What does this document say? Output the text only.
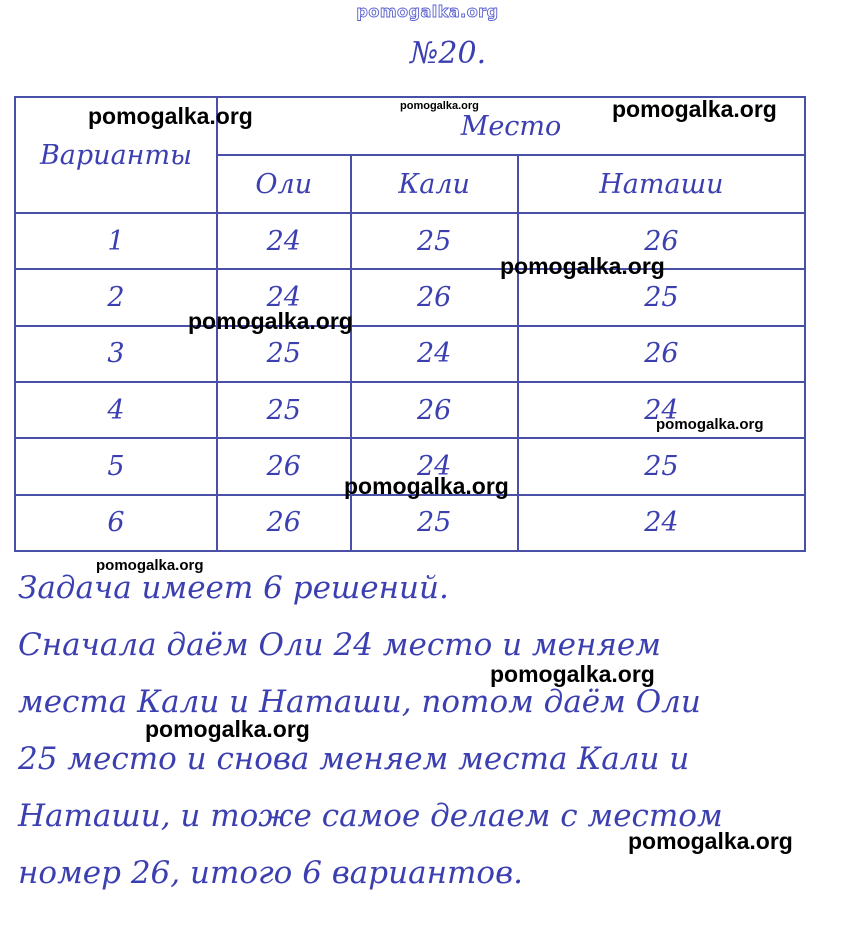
pomogalka.org
№20.
Варианты	Место		
	Оли	Кали	Наташи
1	24	25	26
2	24	26	25
3	25	24	26
4	25	26	24
5	26	24	25
6	26	25	24
Задача имеет 6 решений.
Сначала даём Оли 24 место и меняем
места Кали и Наташи, потом даём Оли
25 место и снова меняем места Кали и
Наташи, и тоже самое делаем с местом
номер 26, итого 6 вариантов.
pomogalka.org	pomogalka.org	pomogalka.org
pomogalka.org
pomogalka.org
pomogalka.org
pomogalka.org
pomogalka.org
pomogalka.org
pomogalka.org
pomogalka.org
